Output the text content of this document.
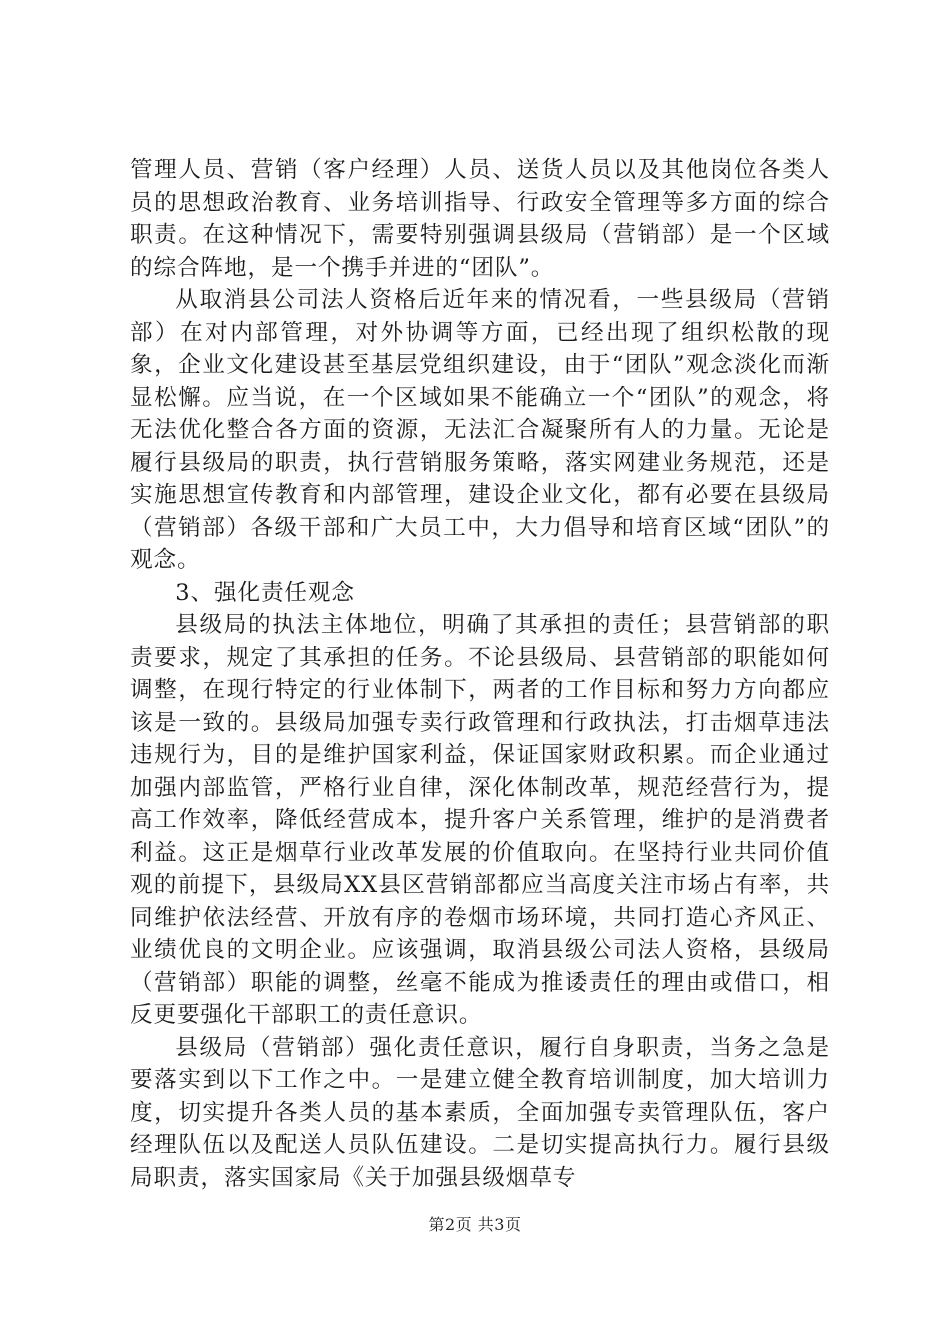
管理人员、营销（客户经理）人员、送货人员以及其他岗位各类人员的思想政治教育、业务培训指导、行政安全管理等多方面的综合职责。在这种情况下，需要特别强调县级局（营销部）是一个区域的综合阵地，是一个携手并进的“团队”。

从取消县公司法人资格后近年来的情况看，一些县级局（营销部）在对内部管理，对外协调等方面，已经出现了组织松散的现象，企业文化建设甚至基层党组织建设，由于“团队”观念淡化而渐显松懈。应当说，在一个区域如果不能确立一个“团队”的观念，将无法优化整合各方面的资源，无法汇合凝聚所有人的力量。无论是履行县级局的职责，执行营销服务策略，落实网建业务规范，还是实施思想宣传教育和内部管理，建设企业文化，都有必要在县级局（营销部）各级干部和广大员工中，大力倡导和培育区域“团队”的观念。

3、强化责任观念

县级局的执法主体地位，明确了其承担的责任；县营销部的职责要求，规定了其承担的任务。不论县级局、县营销部的职能如何调整，在现行特定的行业体制下，两者的工作目标和努力方向都应该是一致的。县级局加强专卖行政管理和行政执法，打击烟草违法违规行为，目的是维护国家利益，保证国家财政积累。而企业通过加强内部监管，严格行业自律，深化体制改革，规范经营行为，提高工作效率，降低经营成本，提升客户关系管理，维护的是消费者利益。这正是烟草行业改革发展的价值取向。在坚持行业共同价值观的前提下，县级局XX县区营销部都应当高度关注市场占有率，共同维护依法经营、开放有序的卷烟市场环境，共同打造心齐风正、业绩优良的文明企业。应该强调，取消县级公司法人资格，县级局（营销部）职能的调整，丝毫不能成为推诿责任的理由或借口，相反更要强化干部职工的责任意识。

县级局（营销部）强化责任意识，履行自身职责，当务之急是要落实到以下工作之中。一是建立健全教育培训制度，加大培训力度，切实提升各类人员的基本素质，全面加强专卖管理队伍，客户经理队伍以及配送人员队伍建设。二是切实提高执行力。履行县级局职责，落实国家局《关于加强县级烟草专

第2页 共3页
